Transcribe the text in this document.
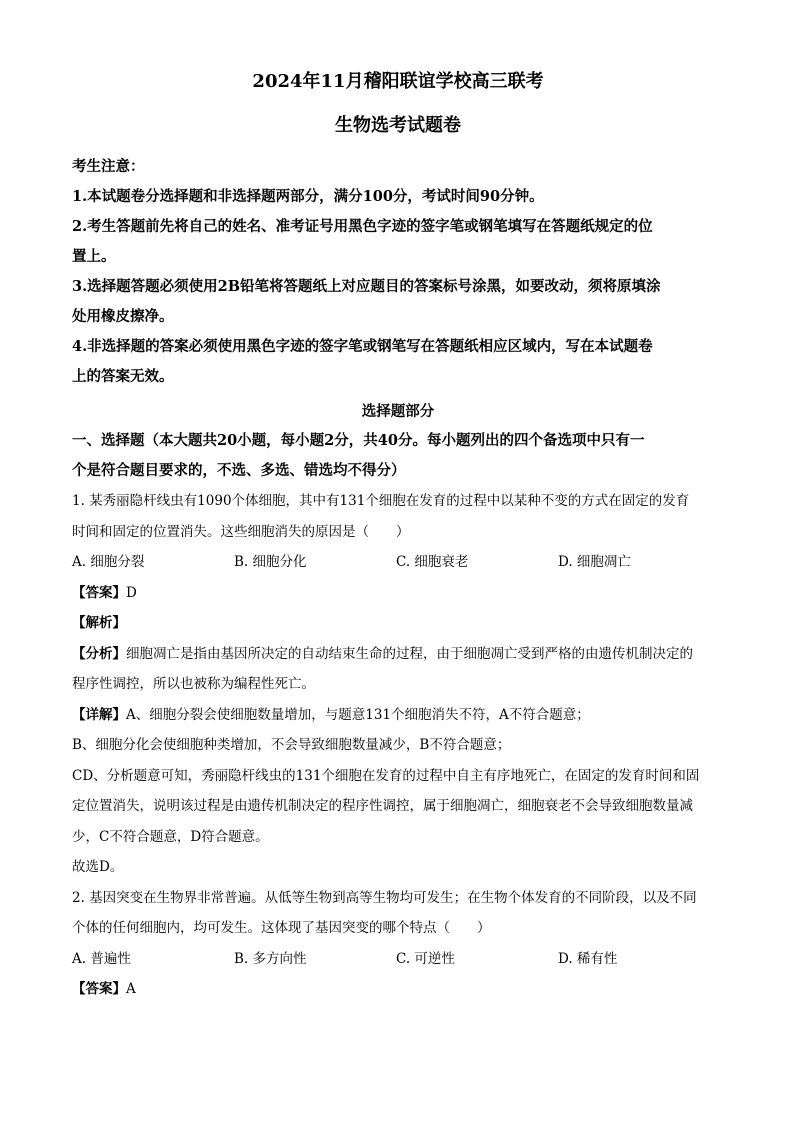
2024年11月稽阳联谊学校高三联考
生物选考试题卷

考生注意：

1.本试题卷分选择题和非选择题两部分，满分100分，考试时间90分钟。

2.考生答题前先将自己的姓名、准考证号用黑色字迹的签字笔或钢笔填写在答题纸规定的位

置上。

3.选择题答题必须使用2B铅笔将答题纸上对应题目的答案标号涂黑，如要改动，须将原填涂

处用橡皮擦净。

4.非选择题的答案必须使用黑色字迹的签字笔或钢笔写在答题纸相应区域内，写在本试题卷

上的答案无效。

选择题部分

一、选择题（本大题共20小题，每小题2分，共40分。每小题列出的四个备选项中只有一

个是符合题目要求的，不选、多选、错选均不得分）

1. 某秀丽隐杆线虫有1090个体细胞，其中有131个细胞在发育的过程中以某种不变的方式在固定的发育

时间和固定的位置消失。这些细胞消失的原因是（　　）

A. 细胞分裂	B. 细胞分化	C. 细胞衰老	D. 细胞凋亡

【答案】D

【解析】

【分析】细胞凋亡是指由基因所决定的自动结束生命的过程，由于细胞凋亡受到严格的由遗传机制决定的

程序性调控，所以也被称为编程性死亡。

【详解】A、细胞分裂会使细胞数量增加，与题意131个细胞消失不符，A不符合题意；

B、细胞分化会使细胞种类增加，不会导致细胞数量减少，B不符合题意；

CD、分析题意可知，秀丽隐杆线虫的131个细胞在发育的过程中自主有序地死亡，在固定的发育时间和固

定位置消失，说明该过程是由遗传机制决定的程序性调控，属于细胞凋亡，细胞衰老不会导致细胞数量减

少，C不符合题意，D符合题意。

故选D。

2. 基因突变在生物界非常普遍。从低等生物到高等生物均可发生；在生物个体发育的不同阶段，以及不同

个体的任何细胞内，均可发生。这体现了基因突变的哪个特点（　　）

A. 普遍性	B. 多方向性	C. 可逆性	D. 稀有性

【答案】A
